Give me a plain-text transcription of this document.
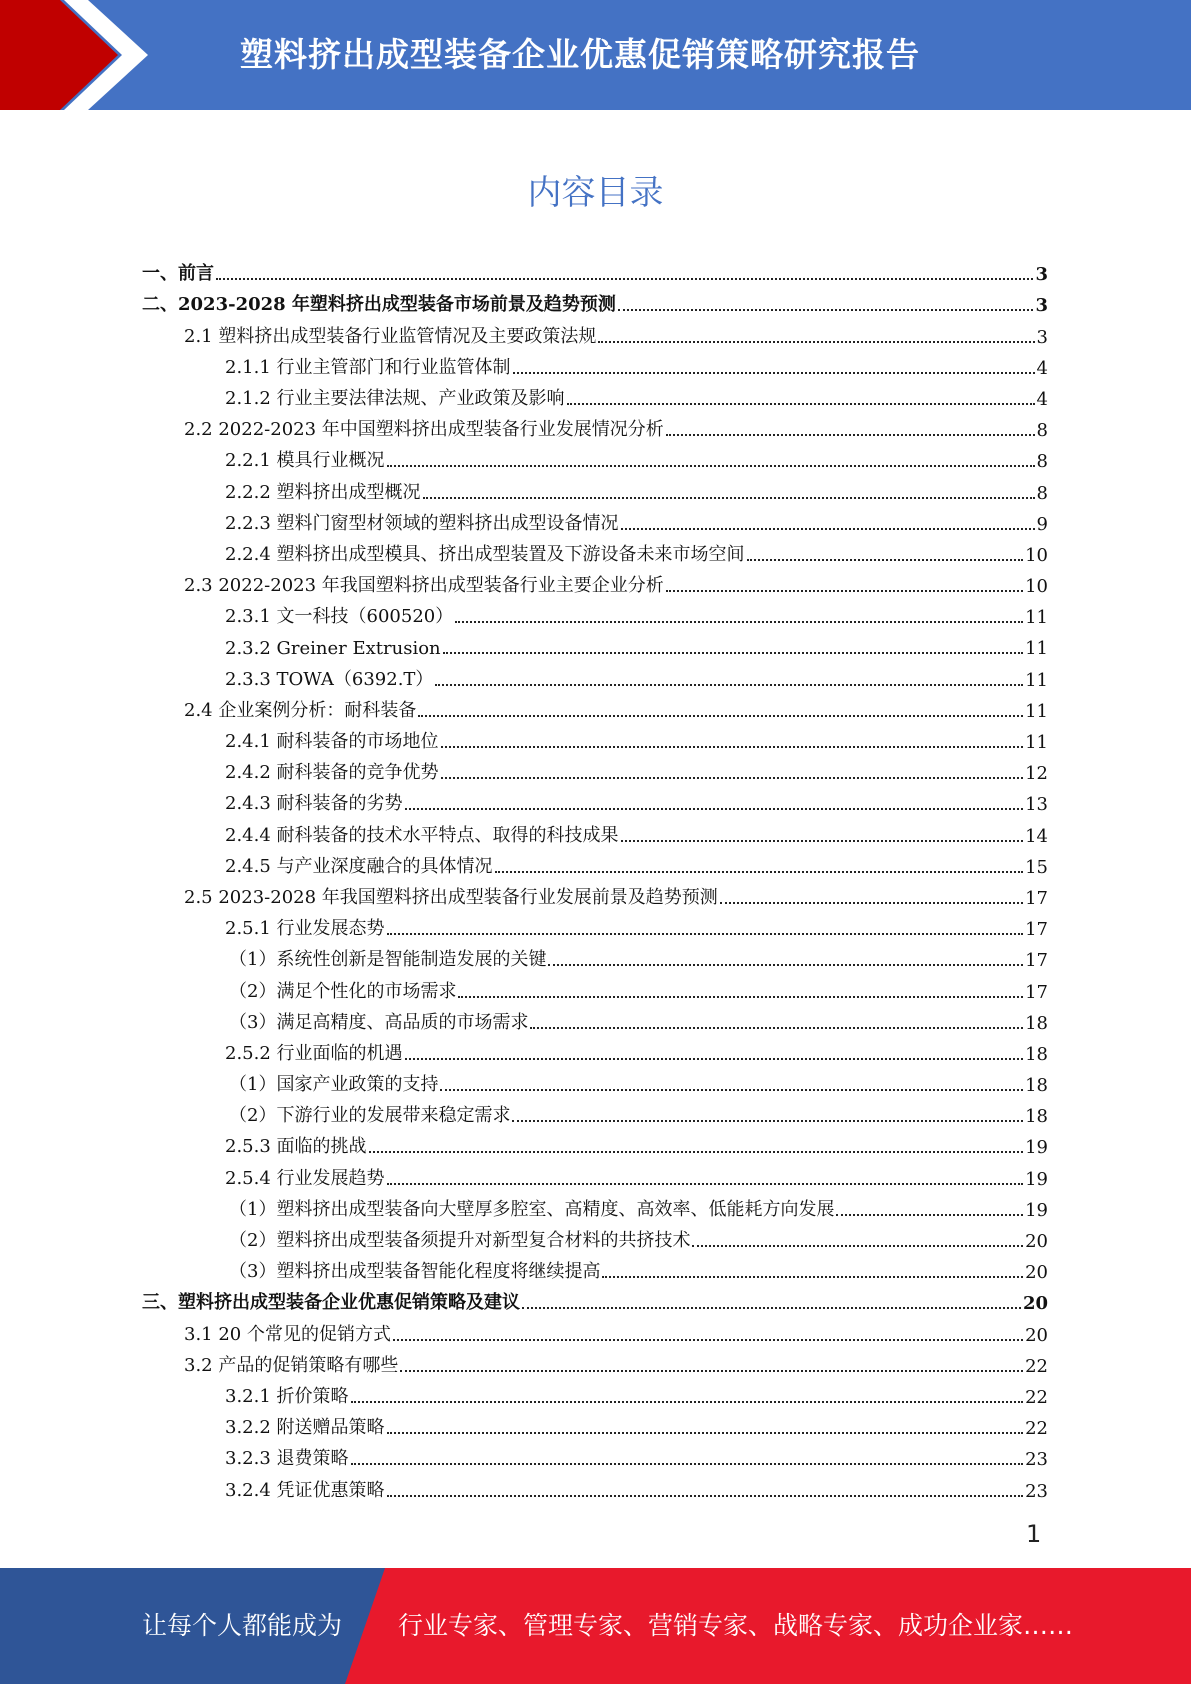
塑料挤出成型装备企业优惠促销策略研究报告
内容目录
一、前言	3
二、2023-2028 年塑料挤出成型装备市场前景及趋势预测	3
2.1 塑料挤出成型装备行业监管情况及主要政策法规	3
2.1.1 行业主管部门和行业监管体制	4
2.1.2 行业主要法律法规、产业政策及影响	4
2.2 2022-2023 年中国塑料挤出成型装备行业发展情况分析	8
2.2.1 模具行业概况	8
2.2.2 塑料挤出成型概况	8
2.2.3 塑料门窗型材领域的塑料挤出成型设备情况	9
2.2.4 塑料挤出成型模具、挤出成型装置及下游设备未来市场空间	10
2.3 2022-2023 年我国塑料挤出成型装备行业主要企业分析	10
2.3.1 文一科技（600520）	11
2.3.2 Greiner Extrusion	11
2.3.3 TOWA（6392.T）	11
2.4 企业案例分析：耐科装备	11
2.4.1 耐科装备的市场地位	11
2.4.2 耐科装备的竞争优势	12
2.4.3 耐科装备的劣势	13
2.4.4 耐科装备的技术水平特点、取得的科技成果	14
2.4.5 与产业深度融合的具体情况	15
2.5 2023-2028 年我国塑料挤出成型装备行业发展前景及趋势预测	17
2.5.1 行业发展态势	17
（1）系统性创新是智能制造发展的关键	17
（2）满足个性化的市场需求	17
（3）满足高精度、高品质的市场需求	18
2.5.2 行业面临的机遇	18
（1）国家产业政策的支持	18
（2）下游行业的发展带来稳定需求	18
2.5.3 面临的挑战	19
2.5.4 行业发展趋势	19
（1）塑料挤出成型装备向大壁厚多腔室、高精度、高效率、低能耗方向发展	19
（2）塑料挤出成型装备须提升对新型复合材料的共挤技术	20
（3）塑料挤出成型装备智能化程度将继续提高	20
三、塑料挤出成型装备企业优惠促销策略及建议	20
3.1 20 个常见的促销方式	20
3.2 产品的促销策略有哪些	22
3.2.1 折价策略	22
3.2.2 附送赠品策略	22
3.2.3 退费策略	23
3.2.4 凭证优惠策略	23
1
让每个人都能成为 行业专家、管理专家、营销专家、战略专家、成功企业家……
